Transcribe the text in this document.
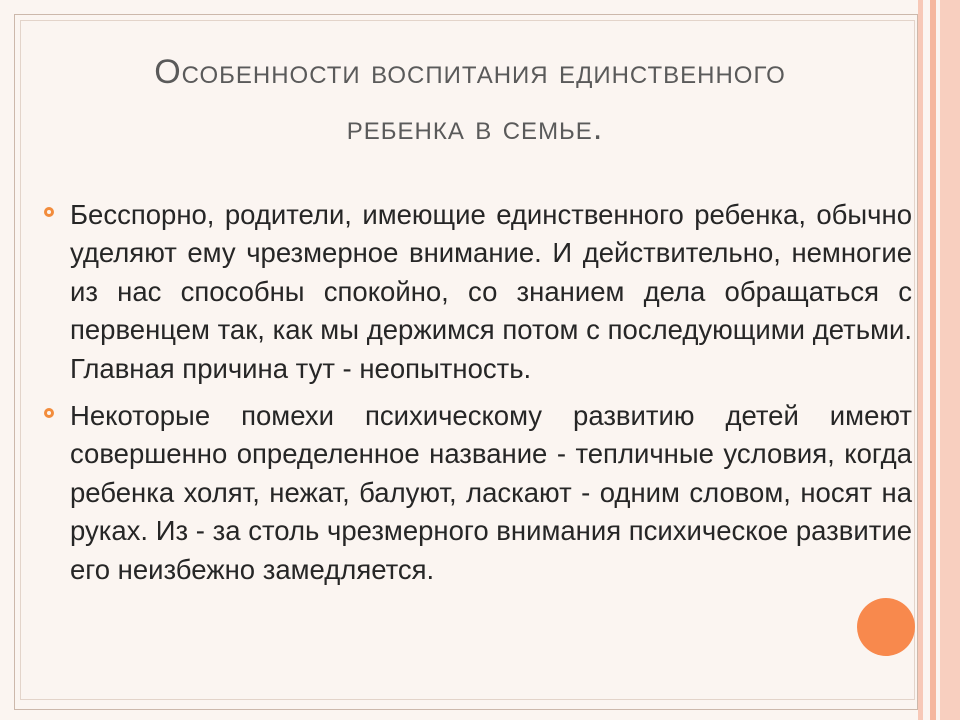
Особенности воспитания единственного
ребенка в семье.
Бесспорно, родители, имеющие единственного ребенка, обычно уделяют ему чрезмерное внимание. И действительно, немногие из нас способны спокойно, со знанием дела обращаться с первенцем так, как мы держимся потом с последующими детьми. Главная причина тут - неопытность.
Некоторые помехи психическому развитию детей имеют совершенно определенное название - тепличные условия, когда ребенка холят, нежат, балуют, ласкают - одним словом, носят на руках. Из - за столь чрезмерного внимания психическое развитие его неизбежно замедляется.
